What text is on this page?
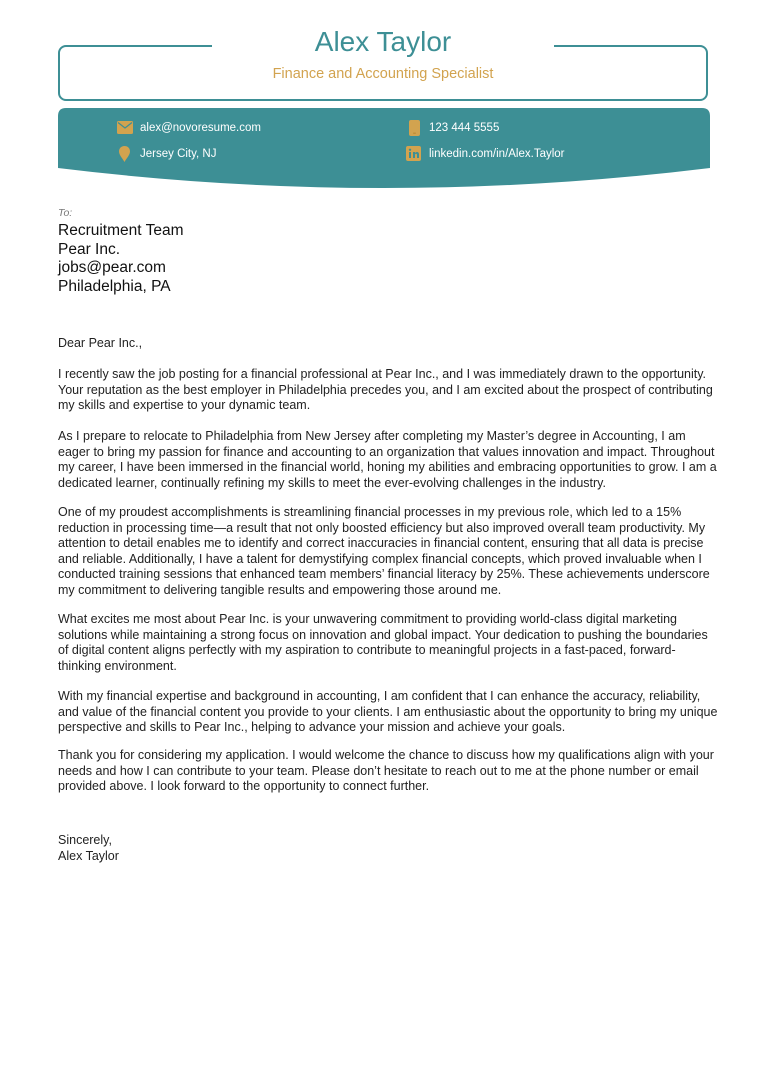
Alex Taylor
Finance and Accounting Specialist
alex@novoresume.com	123 444 5555
Jersey City, NJ	linkedin.com/in/Alex.Taylor
To:
Recruitment Team
Pear Inc.
jobs@pear.com
Philadelphia, PA
Dear Pear Inc.,
I recently saw the job posting for a financial professional at Pear Inc., and I was immediately drawn to the opportunity. Your reputation as the best employer in Philadelphia precedes you, and I am excited about the prospect of contributing my skills and expertise to your dynamic team.
As I prepare to relocate to Philadelphia from New Jersey after completing my Master’s degree in Accounting, I am eager to bring my passion for finance and accounting to an organization that values innovation and impact. Throughout my career, I have been immersed in the financial world, honing my abilities and embracing opportunities to grow. I am a dedicated learner, continually refining my skills to meet the ever-evolving challenges in the industry.
One of my proudest accomplishments is streamlining financial processes in my previous role, which led to a 15% reduction in processing time—a result that not only boosted efficiency but also improved overall team productivity. My attention to detail enables me to identify and correct inaccuracies in financial content, ensuring that all data is precise and reliable. Additionally, I have a talent for demystifying complex financial concepts, which proved invaluable when I conducted training sessions that enhanced team members’ financial literacy by 25%. These achievements underscore my commitment to delivering tangible results and empowering those around me.
What excites me most about Pear Inc. is your unwavering commitment to providing world-class digital marketing solutions while maintaining a strong focus on innovation and global impact. Your dedication to pushing the boundaries of digital content aligns perfectly with my aspiration to contribute to meaningful projects in a fast-paced, forward-thinking environment.
With my financial expertise and background in accounting, I am confident that I can enhance the accuracy, reliability, and value of the financial content you provide to your clients. I am enthusiastic about the opportunity to bring my unique perspective and skills to Pear Inc., helping to advance your mission and achieve your goals.
Thank you for considering my application. I would welcome the chance to discuss how my qualifications align with your needs and how I can contribute to your team. Please don’t hesitate to reach out to me at the phone number or email provided above. I look forward to the opportunity to connect further.
Sincerely,
Alex Taylor
